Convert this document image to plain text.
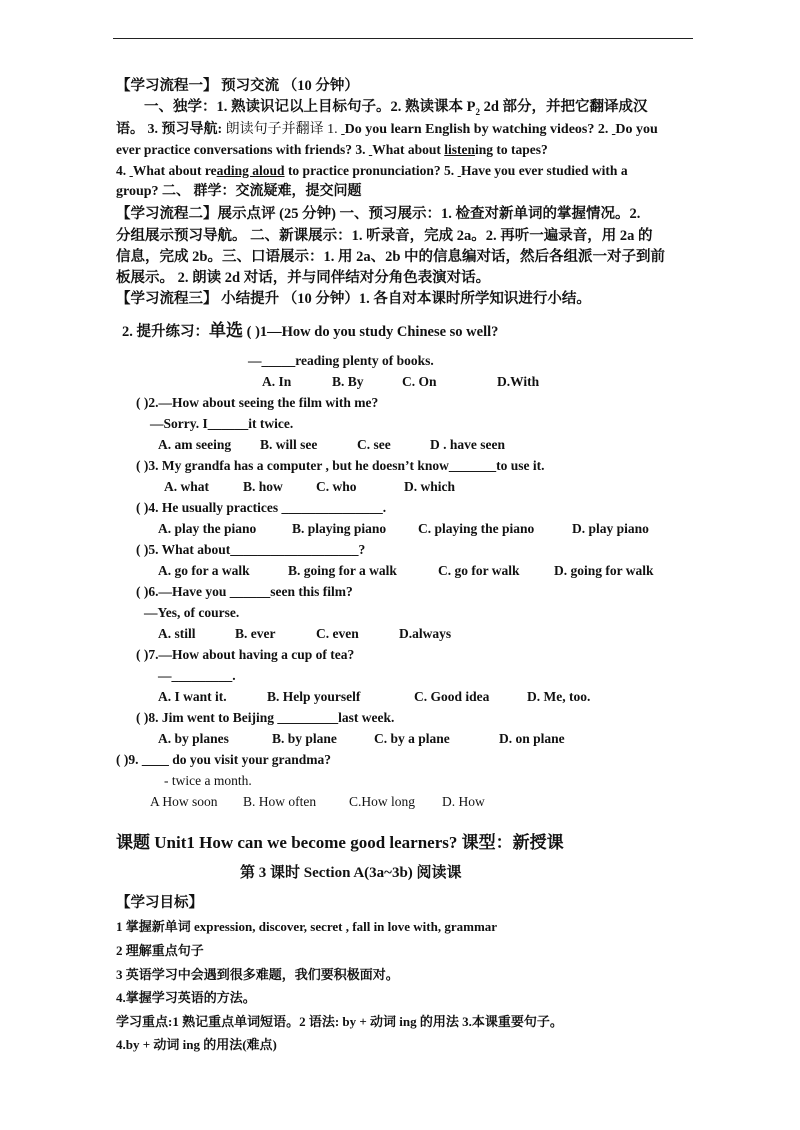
【学习流程一】 预习交流 （10 分钟）
一、独学：1. 熟读识记以上目标句子。2. 熟读课本 $P_2$ 2d 部分，并把它翻译成汉
语。 3. 预习导航: 朗读句子并翻译 1.  Do you learn English by watching videos? 2.  Do you
ever practice conversations with friends? 3.  What about listening to tapes?
4.  What about reading aloud to practice pronunciation? 5.  Have you ever studied with a
group? 二、 群学：交流疑难，提交问题
【学习流程二】展示点评 (25 分钟) 一、预习展示：1. 检查对新单词的掌握情况。2.
分组展示预习导航。 二、新课展示：1. 听录音，完成 2a。2. 再听一遍录音，用 2a 的
信息，完成 2b。三、口语展示：1. 用 2a、2b 中的信息编对话，然后各组派一对子到前
板展示。 2. 朗读 2d 对话，并与同伴结对分角色表演对话。
【学习流程三】 小结提升 （10 分钟）1. 各自对本课时所学知识进行小结。
2. 提升练习：单选 ( )1—How do you study Chinese so well?
—_____reading plenty of books.
A. In	B. By	C. On	D.With
( )2.—How about seeing the film with me?
—Sorry. I______it twice.
A. am seeing B. will see	C. see	D . have seen
( )3. My grandfa has a computer , but he doesn’t know_______to use it.
A. what	B. how C. who	D. which
( )4. He usually practices _______________.
A. play the piano	B. playing piano C. playing the piano	D. play piano
( )5. What about___________________?
A. go for a walk	B. going for a walk	C. go for walk	D. going for walk
( )6.—Have you ______seen this film?
—Yes, of course.
A. still	B. ever	C. even	D.always
( )7.—How about having a cup of tea?
—_________.
A. I want it.	B. Help yourself	C. Good idea	D. Me, too.
( )8. Jim went to Beijing _________last week.
A. by planes	B. by plane	C. by a plane	D. on plane
( )9. ____ do you visit your grandma?
- twice a month.
A How soon B. How often C.How long D. How
课题 Unit1 How can we become good learners? 课型：新授课
第 3 课时 Section A(3a~3b) 阅读课
【学习目标】
1 掌握新单词 expression, discover, secret , fall in love with, grammar
2 理解重点句子
3 英语学习中会遇到很多难题，我们要积极面对。
4.掌握学习英语的方法。
学习重点:1 熟记重点单词短语。2 语法: by + 动词 ing 的用法 3.本课重要句子。
4.by + 动词 ing 的用法(难点)
